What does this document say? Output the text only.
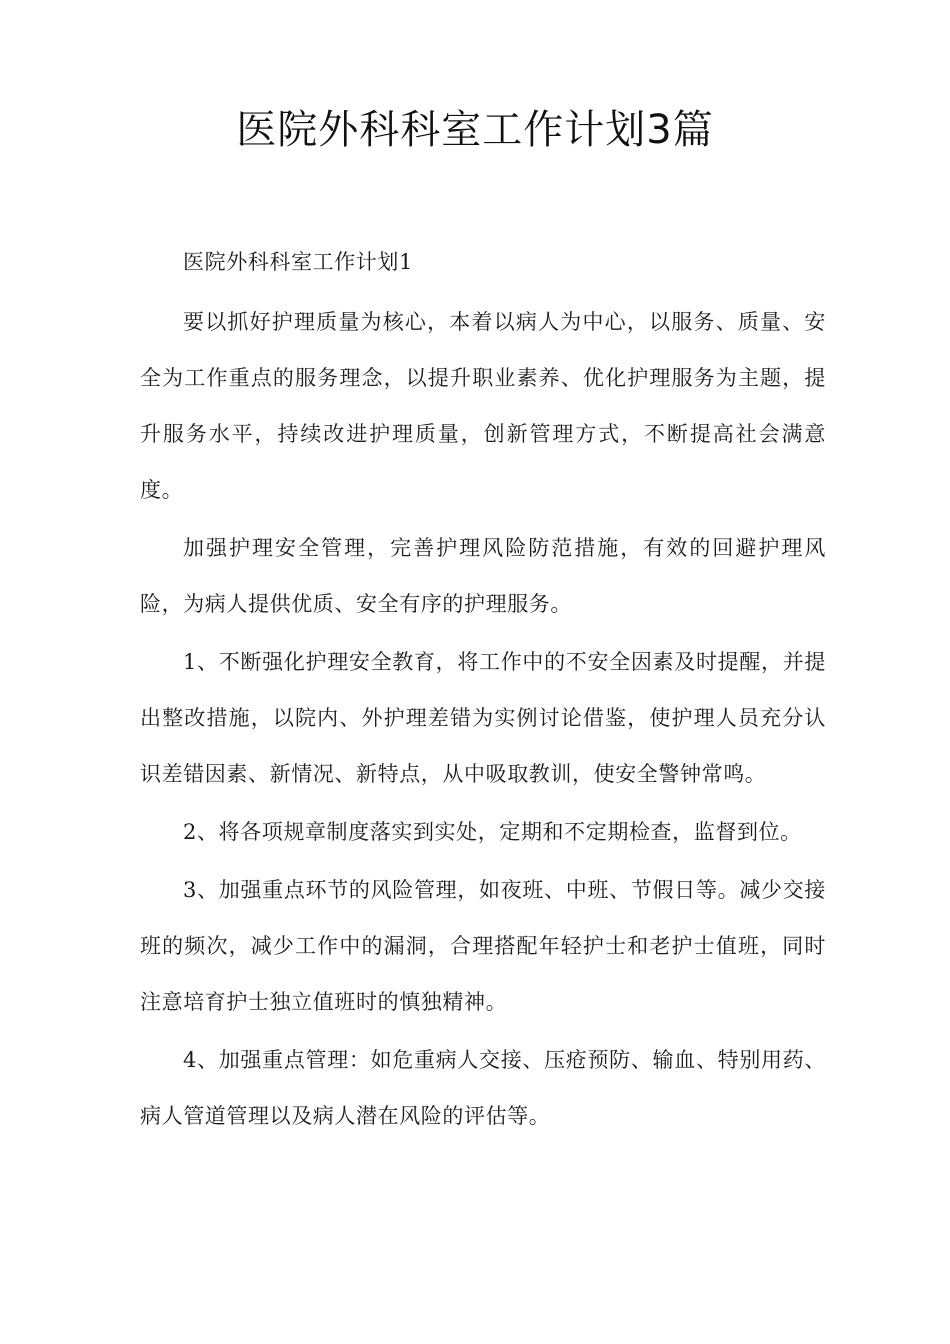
医院外科科室工作计划3篇

医院外科科室工作计划1

要以抓好护理质量为核心，本着以病人为中心，以服务、质量、安全为工作重点的服务理念，以提升职业素养、优化护理服务为主题，提升服务水平，持续改进护理质量，创新管理方式，不断提高社会满意度。

加强护理安全管理，完善护理风险防范措施，有效的回避护理风险，为病人提供优质、安全有序的护理服务。

1、不断强化护理安全教育，将工作中的不安全因素及时提醒，并提出整改措施，以院内、外护理差错为实例讨论借鉴，使护理人员充分认识差错因素、新情况、新特点，从中吸取教训，使安全警钟常鸣。

2、将各项规章制度落实到实处，定期和不定期检查，监督到位。

3、加强重点环节的风险管理，如夜班、中班、节假日等。减少交接班的频次，减少工作中的漏洞，合理搭配年轻护士和老护士值班，同时注意培育护士独立值班时的慎独精神。

4、加强重点管理：如危重病人交接、压疮预防、输血、特别用药、病人管道管理以及病人潜在风险的评估等。
